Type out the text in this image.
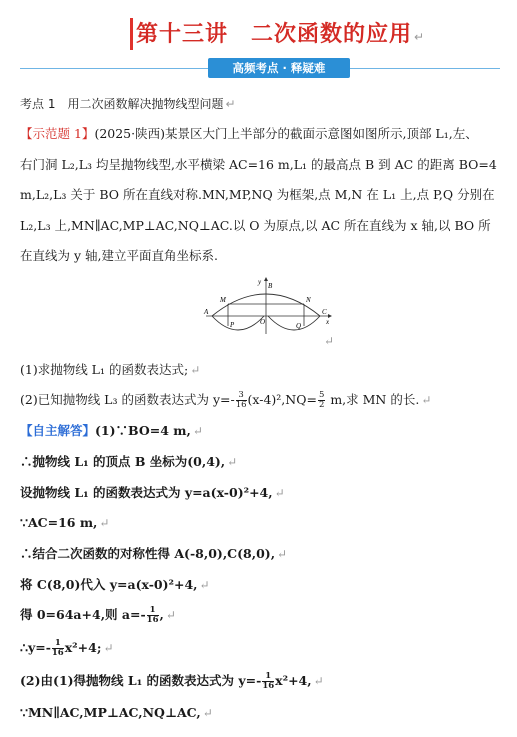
第十三讲　二次函数的应用 ↵
高频考点 · 释疑难
考点 1　用二次函数解决抛物线型问题 ↵
【示范题 1】(2025·陕西)某景区大门上半部分的截面示意图如图所示,顶部 L₁,左、
右门洞 L₂,L₃ 均呈抛物线型,水平横梁 AC=16 m,L₁ 的最高点 B 到 AC 的距离 BO=4
m,L₂,L₃ 关于 BO 所在直线对称.MN,MP,NQ 为框架,点 M,N 在 L₁ 上,点 P,Q 分别在
L₂,L₃ 上,MN∥AC,MP⊥AC,NQ⊥AC.以 O 为原点,以 AC 所在直线为 x 轴,以 BO 所
在直线为 y 轴,建立平面直角坐标系.
y B
M	N
A	C
O
P	Q	x
↵
(1)求抛物线 L₁ 的函数表达式; ↵
(2)已知抛物线 L₃ 的函数表达式为 $y=- \frac{3}{16} (x-4)^2,NQ= \frac{5}{2} m$,求 MN 的长. ↵
【自主解答】(1)∵BO=4 m, ↵
∴抛物线 L₁ 的顶点 B 坐标为(0,4), ↵
设抛物线 L₁ 的函数表达式为 y=a(x-0)²+4, ↵
∵AC=16 m, ↵
∴结合二次函数的对称性得 A(-8,0),C(8,0), ↵
将 C(8,0)代入 y=a(x-0)²+4, ↵
得 0=64a+4,则 $a=- \frac{1}{16}$ , ↵
∴y=- $\frac{1}{16} x^2+4$; ↵
(2)由(1)得抛物线 L₁ 的函数表达式为 $y=- \frac{1}{16} x^2+4$, ↵
∵MN∥AC,MP⊥AC,NQ⊥AC, ↵
